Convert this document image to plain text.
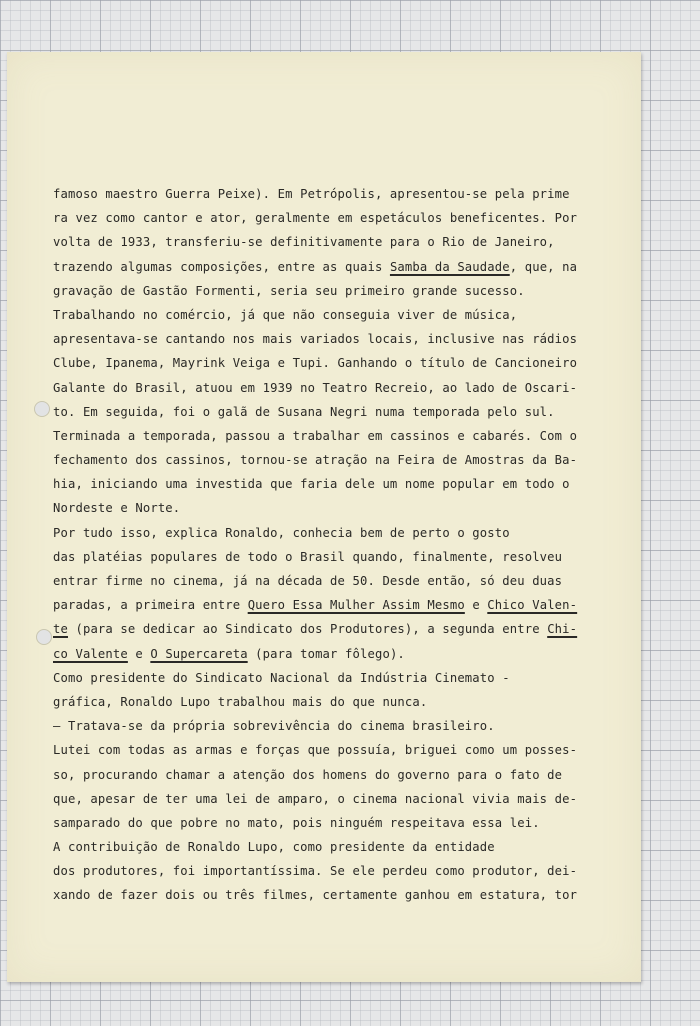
famoso maestro Guerra Peixe). Em Petrópolis, apresentou-se pela prime
ra vez como cantor e ator, geralmente em espetáculos beneficentes. Por
volta de 1933, transferiu-se definitivamente para o Rio de Janeiro,
trazendo algumas composições, entre as quais Samba da Saudade, que, na
gravação de Gastão Formenti, seria seu primeiro grande sucesso.
Trabalhando no comércio, já que não conseguia viver de música,
apresentava-se cantando nos mais variados locais, inclusive nas rádios
Clube, Ipanema, Mayrink Veiga e Tupi. Ganhando o título de Cancioneiro
Galante do Brasil, atuou em 1939 no Teatro Recreio, ao lado de Oscari-
to. Em seguida, foi o galã de Susana Negri numa temporada pelo sul.
Terminada a temporada, passou a trabalhar em cassinos e cabarés. Com o
fechamento dos cassinos, tornou-se atração na Feira de Amostras da Ba-
hia, iniciando uma investida que faria dele um nome popular em todo o
Nordeste e Norte.
Por tudo isso, explica Ronaldo, conhecia bem de perto o gosto
das platéias populares de todo o Brasil quando, finalmente, resolveu
entrar firme no cinema, já na década de 50. Desde então, só deu duas
paradas, a primeira entre Quero Essa Mulher Assim Mesmo e Chico Valen-
te (para se dedicar ao Sindicato dos Produtores), a segunda entre Chi-
co Valente e O Supercareta (para tomar fôlego).
Como presidente do Sindicato Nacional da Indústria Cinemato -
gráfica, Ronaldo Lupo trabalhou mais do que nunca.
— Tratava-se da própria sobrevivência do cinema brasileiro.
Lutei com todas as armas e forças que possuía, briguei como um posses-
so, procurando chamar a atenção dos homens do governo para o fato de
que, apesar de ter uma lei de amparo, o cinema nacional vivia mais de-
samparado do que pobre no mato, pois ninguém respeitava essa lei.
A contribuição de Ronaldo Lupo, como presidente da entidade
dos produtores, foi importantíssima. Se ele perdeu como produtor, dei-
xando de fazer dois ou três filmes, certamente ganhou em estatura, tor
